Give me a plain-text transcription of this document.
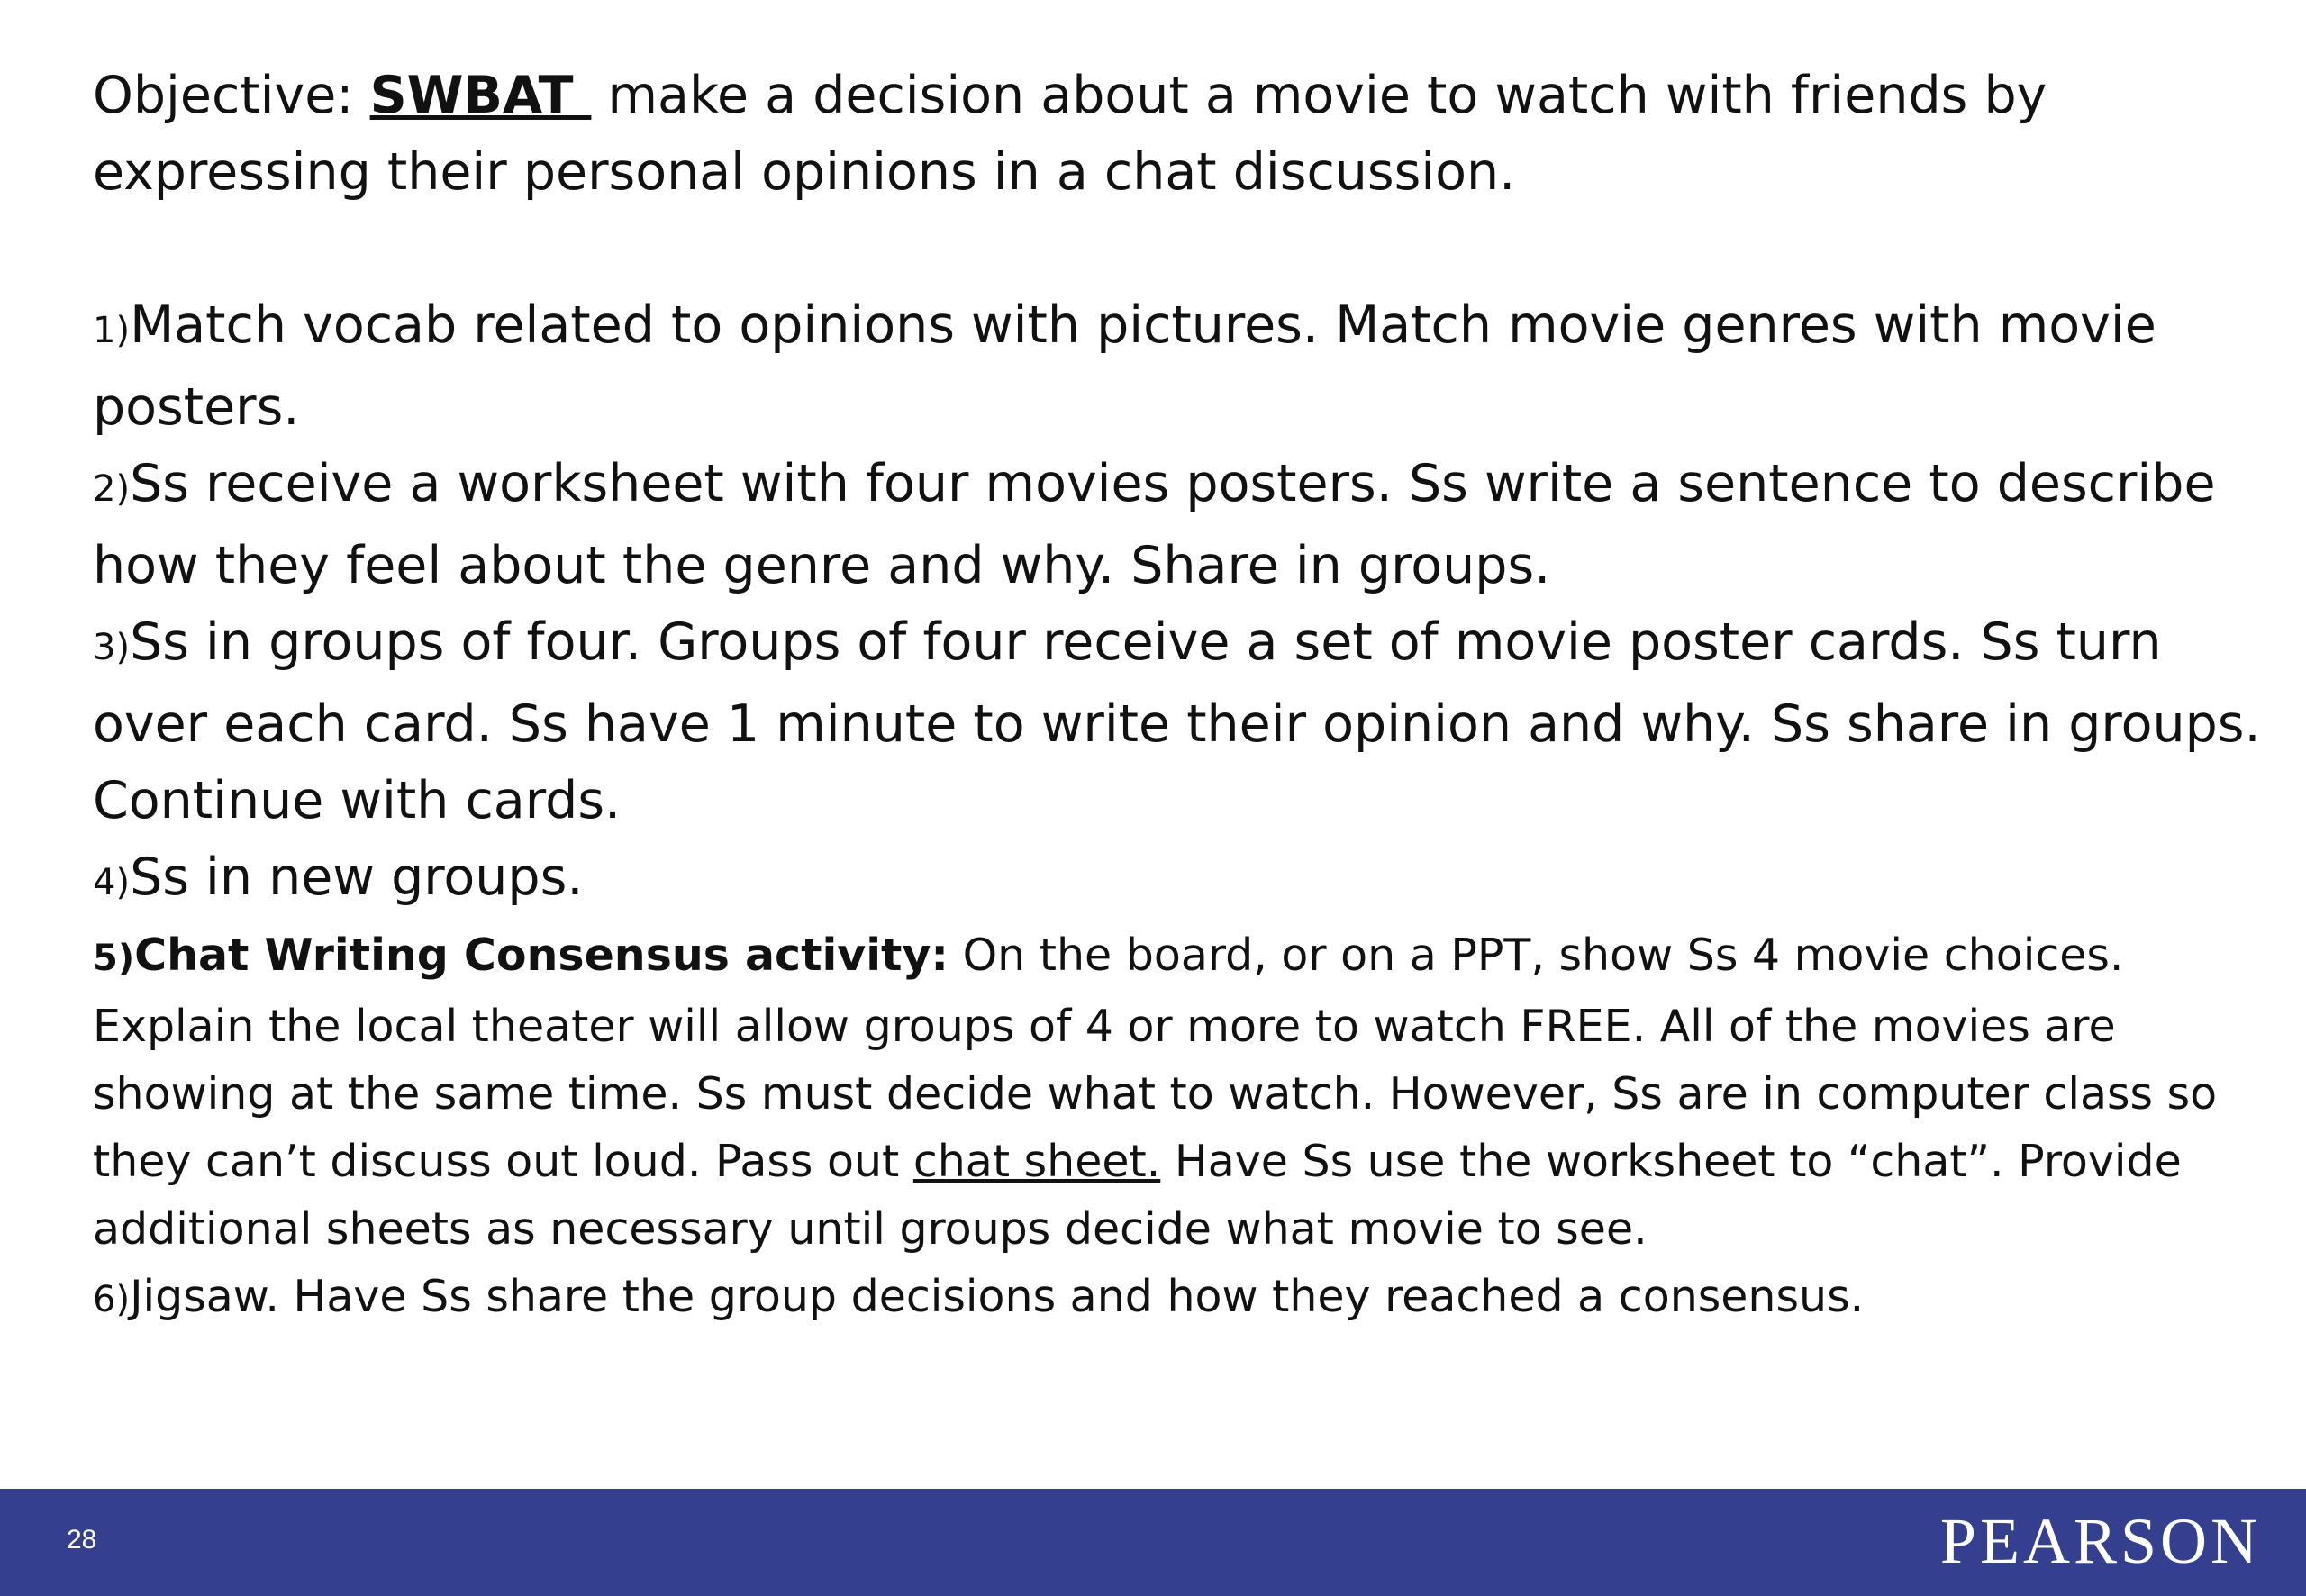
Objective: SWBAT  make a decision about a movie to watch with friends by expressing their personal opinions in a chat discussion.

1)Match vocab related to opinions with pictures. Match movie genres with movie posters.

2)Ss receive a worksheet with four movies posters. Ss write a sentence to describe how they feel about the genre and why. Share in groups.

3)Ss in groups of four. Groups of four receive a set of movie poster cards. Ss turn over each card. Ss have 1 minute to write their opinion and why. Ss share in groups. Continue with cards.

4)Ss in new groups.

5)Chat Writing Consensus activity: On the board, or on a PPT, show Ss 4 movie choices. Explain the local theater will allow groups of 4 or more to watch FREE. All of the movies are showing at the same time. Ss must decide what to watch. However, Ss are in computer class so they can’t discuss out loud. Pass out chat sheet. Have Ss use the worksheet to “chat”. Provide additional sheets as necessary until groups decide what movie to see.

6)Jigsaw. Have Ss share the group decisions and how they reached a consensus.

28	PEARSON
